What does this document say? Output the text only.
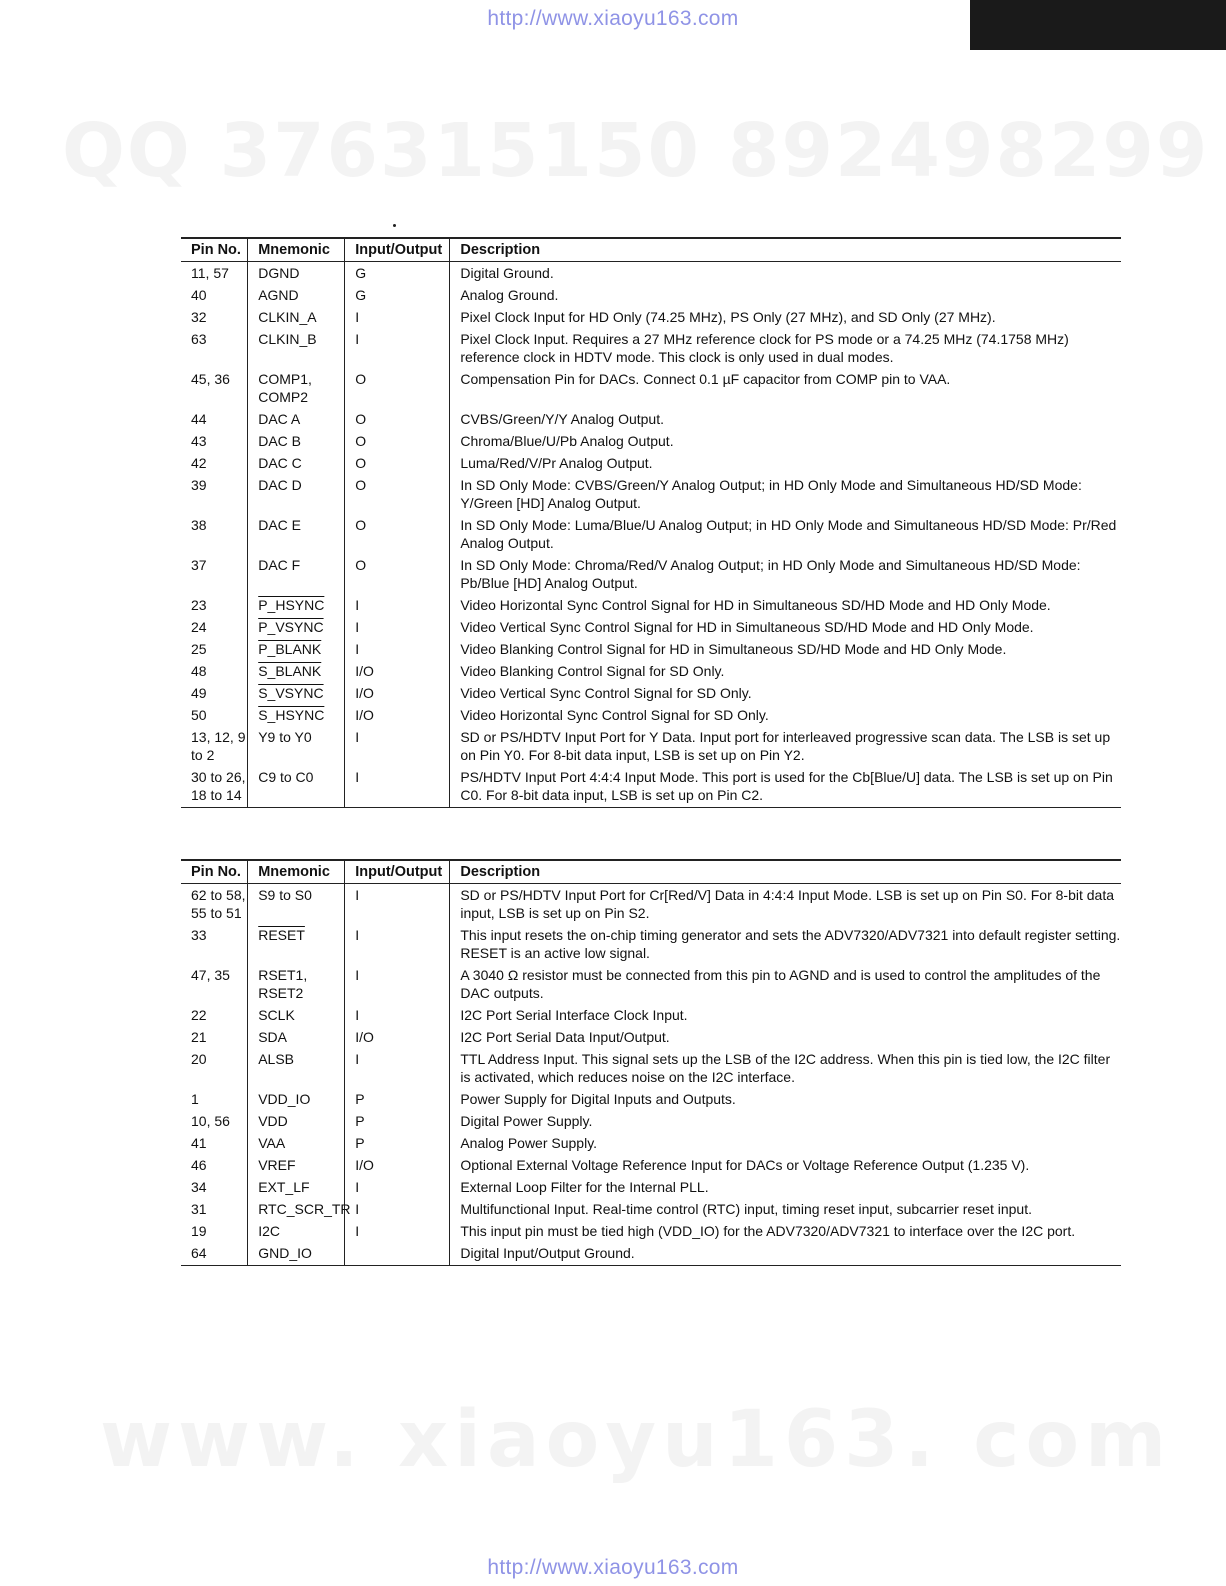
http://www.xiaoyu163.com
QQ 376315150 892498299
www. xiaoyu163. com
Pin No.	Mnemonic	Input/Output	Description
11, 57	DGND	G	Digital Ground.
40	AGND	G	Analog Ground.
32	CLKIN_A	I	Pixel Clock Input for HD Only (74.25 MHz), PS Only (27 MHz), and SD Only (27 MHz).
63	CLKIN_B	I	Pixel Clock Input. Requires a 27 MHz reference clock for PS mode or a 74.25 MHz (74.1758 MHz) reference clock in HDTV mode. This clock is only used in dual modes.
45, 36	COMP1, COMP2	O	Compensation Pin for DACs. Connect 0.1 µF capacitor from COMP pin to VAA.
44	DAC A	O	CVBS/Green/Y/Y Analog Output.
43	DAC B	O	Chroma/Blue/U/Pb Analog Output.
42	DAC C	O	Luma/Red/V/Pr Analog Output.
39	DAC D	O	In SD Only Mode: CVBS/Green/Y Analog Output; in HD Only Mode and Simultaneous HD/SD Mode: Y/Green [HD] Analog Output.
38	DAC E	O	In SD Only Mode: Luma/Blue/U Analog Output; in HD Only Mode and Simultaneous HD/SD Mode: Pr/Red Analog Output.
37	DAC F	O	In SD Only Mode: Chroma/Red/V Analog Output; in HD Only Mode and Simultaneous HD/SD Mode: Pb/Blue [HD] Analog Output.
23	P_HSYNC	I	Video Horizontal Sync Control Signal for HD in Simultaneous SD/HD Mode and HD Only Mode.
24	P_VSYNC	I	Video Vertical Sync Control Signal for HD in Simultaneous SD/HD Mode and HD Only Mode.
25	P_BLANK	I	Video Blanking Control Signal for HD in Simultaneous SD/HD Mode and HD Only Mode.
48	S_BLANK	I/O	Video Blanking Control Signal for SD Only.
49	S_VSYNC	I/O	Video Vertical Sync Control Signal for SD Only.
50	S_HSYNC	I/O	Video Horizontal Sync Control Signal for SD Only.
13, 12, 9 to 2	Y9 to Y0	I	SD or PS/HDTV Input Port for Y Data. Input port for interleaved progressive scan data. The LSB is set up on Pin Y0. For 8-bit data input, LSB is set up on Pin Y2.
30 to 26, 18 to 14	C9 to C0	I	PS/HDTV Input Port 4:4:4 Input Mode. This port is used for the Cb[Blue/U] data. The LSB is set up on Pin C0. For 8-bit data input, LSB is set up on Pin C2.
Pin No.	Mnemonic	Input/Output	Description
62 to 58, 55 to 51	S9 to S0	I	SD or PS/HDTV Input Port for Cr[Red/V] Data in 4:4:4 Input Mode. LSB is set up on Pin S0. For 8-bit data input, LSB is set up on Pin S2.
33	RESET	I	This input resets the on-chip timing generator and sets the ADV7320/ADV7321 into default register setting. RESET is an active low signal.
47, 35	RSET1, RSET2	I	A 3040 Ω resistor must be connected from this pin to AGND and is used to control the amplitudes of the DAC outputs.
22	SCLK	I	I2C Port Serial Interface Clock Input.
21	SDA	I/O	I2C Port Serial Data Input/Output.
20	ALSB	I	TTL Address Input. This signal sets up the LSB of the I2C address. When this pin is tied low, the I2C filter is activated, which reduces noise on the I2C interface.
1	VDD_IO	P	Power Supply for Digital Inputs and Outputs.
10, 56	VDD	P	Digital Power Supply.
41	VAA	P	Analog Power Supply.
46	VREF	I/O	Optional External Voltage Reference Input for DACs or Voltage Reference Output (1.235 V).
34	EXT_LF	I	External Loop Filter for the Internal PLL.
31	RTC_SCR_TR	I	Multifunctional Input. Real-time control (RTC) input, timing reset input, subcarrier reset input.
19	I2C	I	This input pin must be tied high (VDD_IO) for the ADV7320/ADV7321 to interface over the I2C port.
64	GND_IO		Digital Input/Output Ground.
http://www.xiaoyu163.com
